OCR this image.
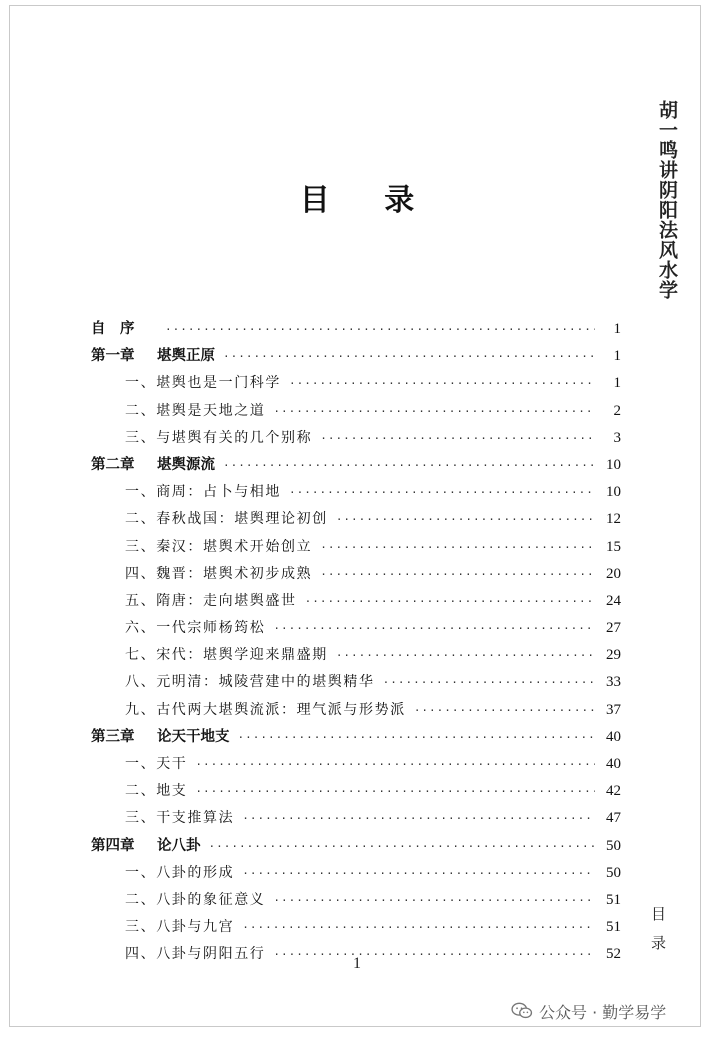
胡一鸣讲阴阳法风水学
目 录
自　序 ·····	1
第一章 堪舆正原 ·····	1
一、堪舆也是一门科学 ·····	1
二、堪舆是天地之道 ·····	2
三、与堪舆有关的几个别称 ·····	3
第二章 堪舆源流 ·····	10
一、商周：占卜与相地 ·····	10
二、春秋战国：堪舆理论初创 ·····	12
三、秦汉：堪舆术开始创立 ·····	15
四、魏晋：堪舆术初步成熟 ·····	20
五、隋唐：走向堪舆盛世 ·····	24
六、一代宗师杨筠松 ·····	27
七、宋代：堪舆学迎来鼎盛期 ·····	29
八、元明清：城陵营建中的堪舆精华 ·····	33
九、古代两大堪舆流派：理气派与形势派 ·····	37
第三章 论天干地支 ·····	40
一、天干 ·····	40
二、地支 ·····	42
三、干支推算法 ·····	47
第四章 论八卦 ·····	50
一、八卦的形成 ·····	50
二、八卦的象征意义 ·····	51
三、八卦与九宫 ·····	51
四、八卦与阴阳五行 ·····	52 目录
1
公众号 · 勤学易学
